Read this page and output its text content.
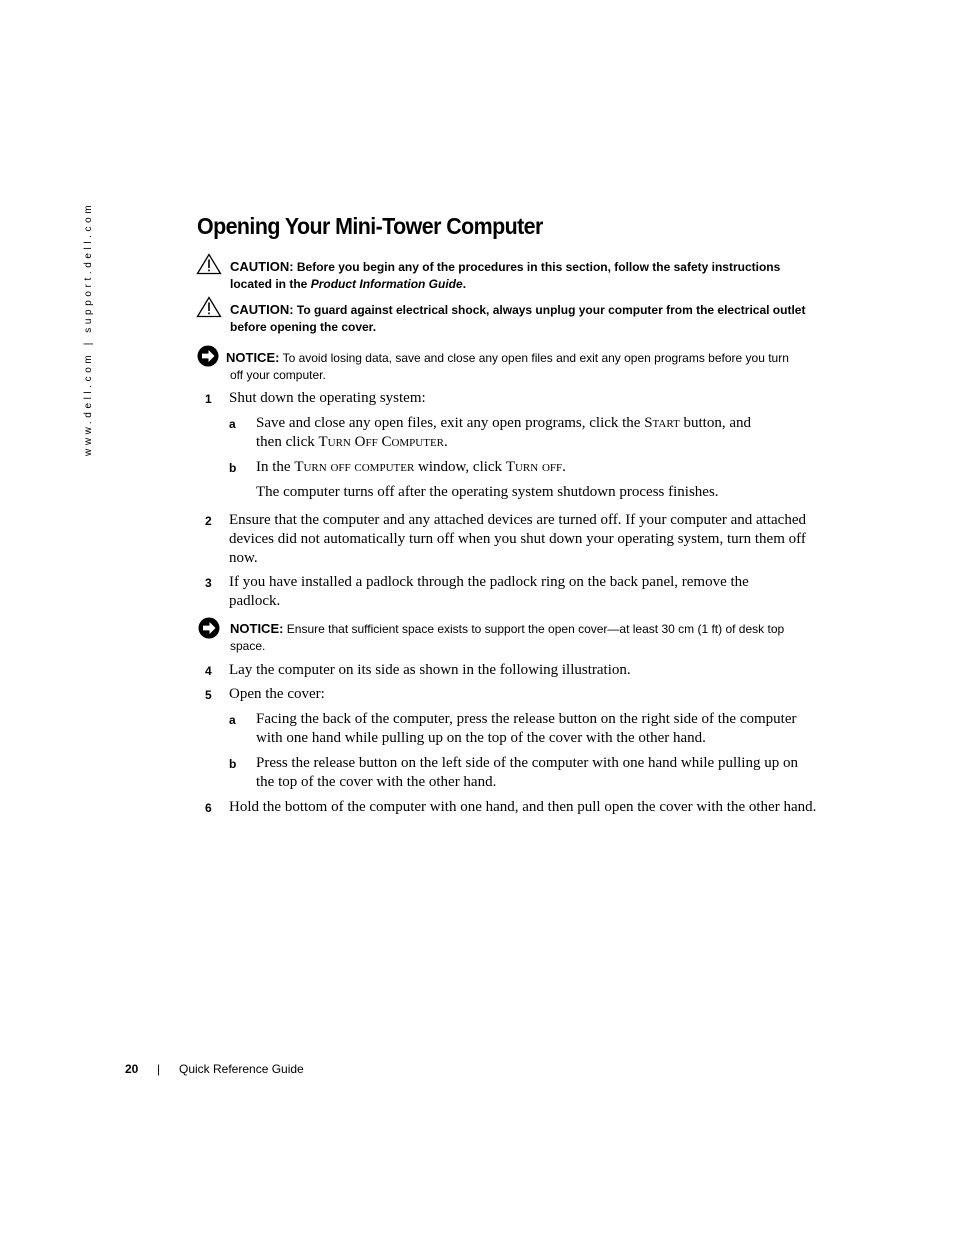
www.dell.com | support.dell.com	Opening Your Mini-Tower Computer
CAUTION: Before you begin any of the procedures in this section, follow the safety instructions
located in the Product Information Guide.
CAUTION: To guard against electrical shock, always unplug your computer from the electrical outlet
before opening the cover.
NOTICE: To avoid losing data, save and close any open files and exit any open programs before you turn
off your computer.
1 Shut down the operating system:
a Save and close any open files, exit any open programs, click the Start button, and
then click Turn Off Computer.
b In the Turn off computer window, click Turn off.
The computer turns off after the operating system shutdown process finishes.
2 Ensure that the computer and any attached devices are turned off. If your computer and attached devices did not automatically turn off when you shut down your operating system, turn them off now.
3 If you have installed a padlock through the padlock ring on the back panel, remove the padlock.
NOTICE: Ensure that sufficient space exists to support the open cover—at least 30 cm (1 ft) of desk top
space.
4 Lay the computer on its side as shown in the following illustration.
5 Open the cover:
a Facing the back of the computer, press the release button on the right side of the computer with one hand while pulling up on the top of the cover with the other hand.
b Press the release button on the left side of the computer with one hand while pulling up on the top of the cover with the other hand.
6 Hold the bottom of the computer with one hand, and then pull open the cover with the other hand.
20 | Quick Reference Guide
